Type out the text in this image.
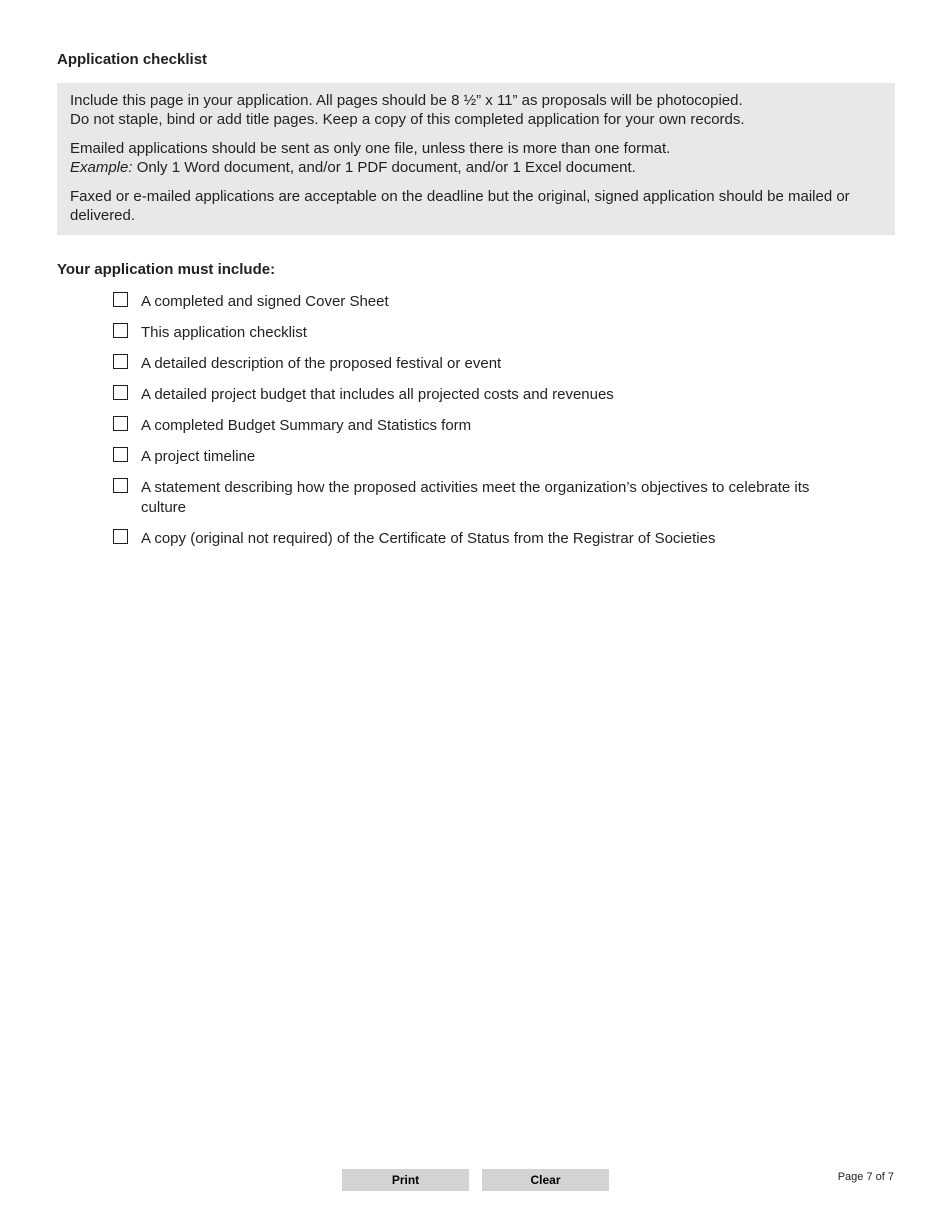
Application checklist

Include this page in your application. All pages should be 8 ½” x 11” as proposals will be photocopied.
Do not staple, bind or add title pages. Keep a copy of this completed application for your own records.

Emailed applications should be sent as only one file, unless there is more than one format.
Example: Only 1 Word document, and/or 1 PDF document, and/or 1 Excel document.

Faxed or e-mailed applications are acceptable on the deadline but the original, signed application should be mailed or delivered.

Your application must include:
A completed and signed Cover Sheet
This application checklist
A detailed description of the proposed festival or event
A detailed project budget that includes all projected costs and revenues
A completed Budget Summary and Statistics form
A project timeline
A statement describing how the proposed activities meet the organization’s objectives to celebrate its culture
A copy (original not required) of the Certificate of Status from the Registrar of Societies
Print	Clear	Page 7 of 7
